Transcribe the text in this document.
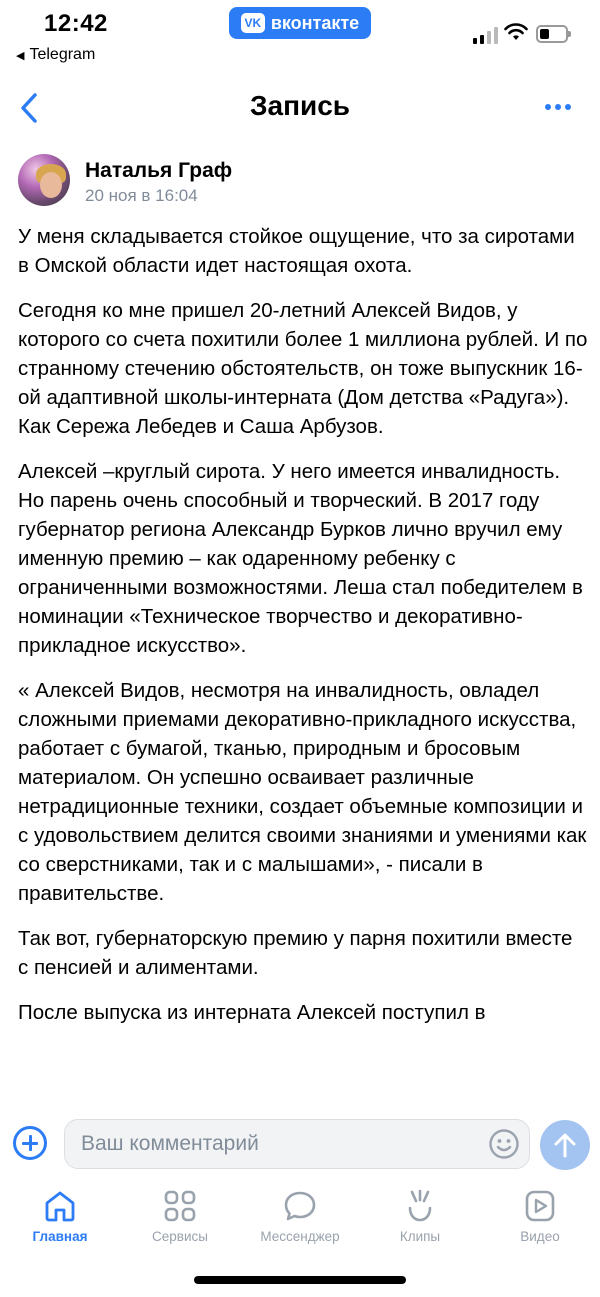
12:42
◀ Telegram
VK вконтакте
Запись
Наталья Граф
20 ноя в 16:04

У меня складывается стойкое ощущение, что за сиротами в Омской области идет настоящая охота.

Сегодня ко мне пришел 20-летний Алексей Видов, у которого со счета похитили более 1 миллиона рублей. И по странному стечению обстоятельств, он тоже выпускник 16-ой адаптивной школы-интерната (Дом детства «Радуга»). Как Сережа Лебедев и Саша Арбузов.

Алексей –круглый сирота. У него имеется инвалидность. Но парень очень способный и творческий. В 2017 году губернатор региона Александр Бурков лично вручил ему именную премию – как одаренному ребенку с ограниченными возможностями. Леша стал победителем в номинации «Техническое творчество и декоративно-прикладное искусство».

« Алексей Видов, несмотря на инвалидность, овладел сложными приемами декоративно-прикладного искусства, работает с бумагой, тканью, природным и бросовым материалом. Он успешно осваивает различные нетрадиционные техники, создает объемные композиции и с удовольствием делится своими знаниями и умениями как со сверстниками, так и с малышами», - писали в правительстве.

Так вот, губернаторскую премию у парня похитили вместе с пенсией и алиментами.

После выпуска из интерната Алексей поступил в

Ваш комментарий
Главная	Сервисы	Мессенджер	Клипы	Видео
